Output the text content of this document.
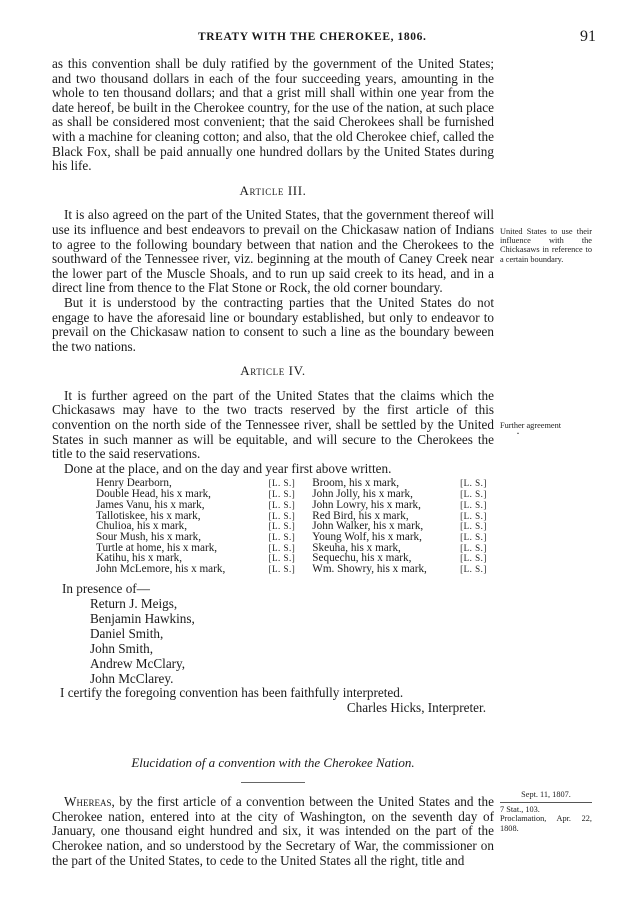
TREATY WITH THE CHEROKEE, 1806.	91

as this convention shall be duly ratified by the government of the United States; and two thousand dollars in each of the four succeeding years, amounting in the whole to ten thousand dollars; and that a grist mill shall within one year from the date hereof, be built in the Cherokee country, for the use of the nation, at such place as shall be considered most convenient; that the said Cherokees shall be furnished with a machine for cleaning cotton; and also, that the old Cherokee chief, called the Black Fox, shall be paid annually one hundred dollars by the United States during his life.

Article III.

It is also agreed on the part of the United States, that the government thereof will use its influence and best endeavors to prevail on the Chickasaw nation of Indians to agree to the following boundary between that nation and the Cherokees to the southward of the Tennessee river, viz. beginning at the mouth of Caney Creek near the lower part of the Muscle Shoals, and to run up said creek to its head, and in a direct line from thence to the Flat Stone or Rock, the old corner boundary.

But it is understood by the contracting parties that the United States do not engage to have the aforesaid line or boundary established, but only to endeavor to prevail on the Chickasaw nation to consent to such a line as the boundary beween the two nations.

Article IV.

It is further agreed on the part of the United States that the claims which the Chickasaws may have to the two tracts reserved by the first article of this convention on the north side of the Tennessee river, shall be settled by the United States in such manner as will be equitable, and will secure to the Cherokees the title to the said reservations.

Done at the place, and on the day and year first above written.

Henry Dearborn,	[L. S.]	Broom, his x mark,	[L. S.]
Double Head, his x mark,	[L. S.]	John Jolly, his x mark,	[L. S.]
James Vanu, his x mark,	[L. S.]	John Lowry, his x mark,	[L. S.]
Tallotiskee, his x mark,	[L. S.]	Red Bird, his x mark,	[L. S.]
Chulioa, his x mark,	[L. S.]	John Walker, his x mark,	[L. S.]
Sour Mush, his x mark,	[L. S.]	Young Wolf, his x mark,	[L. S.]
Turtle at home, his x mark,	[L. S.]	Skeuha, his x mark,	[L. S.]
Katihu, his x mark,	[L. S.]	Sequechu, his x mark,	[L. S.]
John McLemore, his x mark,	[L. S.]	Wm. Showry, his x mark,	[L. S.]
In presence of—
Return J. Meigs,
Benjamin Hawkins,
Daniel Smith,
John Smith,
Andrew McClary,
John McClarey.

I certify the foregoing convention has been faithfully interpreted.

Charles Hicks, Interpreter.

Elucidation of a convention with the Cherokee Nation.

Whereas, by the first article of a convention between the United States and the Cherokee nation, entered into at the city of Washington, on the seventh day of January, one thousand eight hundred and six, it was intended on the part of the Cherokee nation, and so understood by the Secretary of War, the commissioner on the part of the United States, to cede to the United States all the right, title and

United States to use their influence with the Chickasaws in reference to a certain boundary.
Further agreement
·
Sept. 11, 1807.
7 Stat., 103.
Proclamation, Apr. 22, 1808.
